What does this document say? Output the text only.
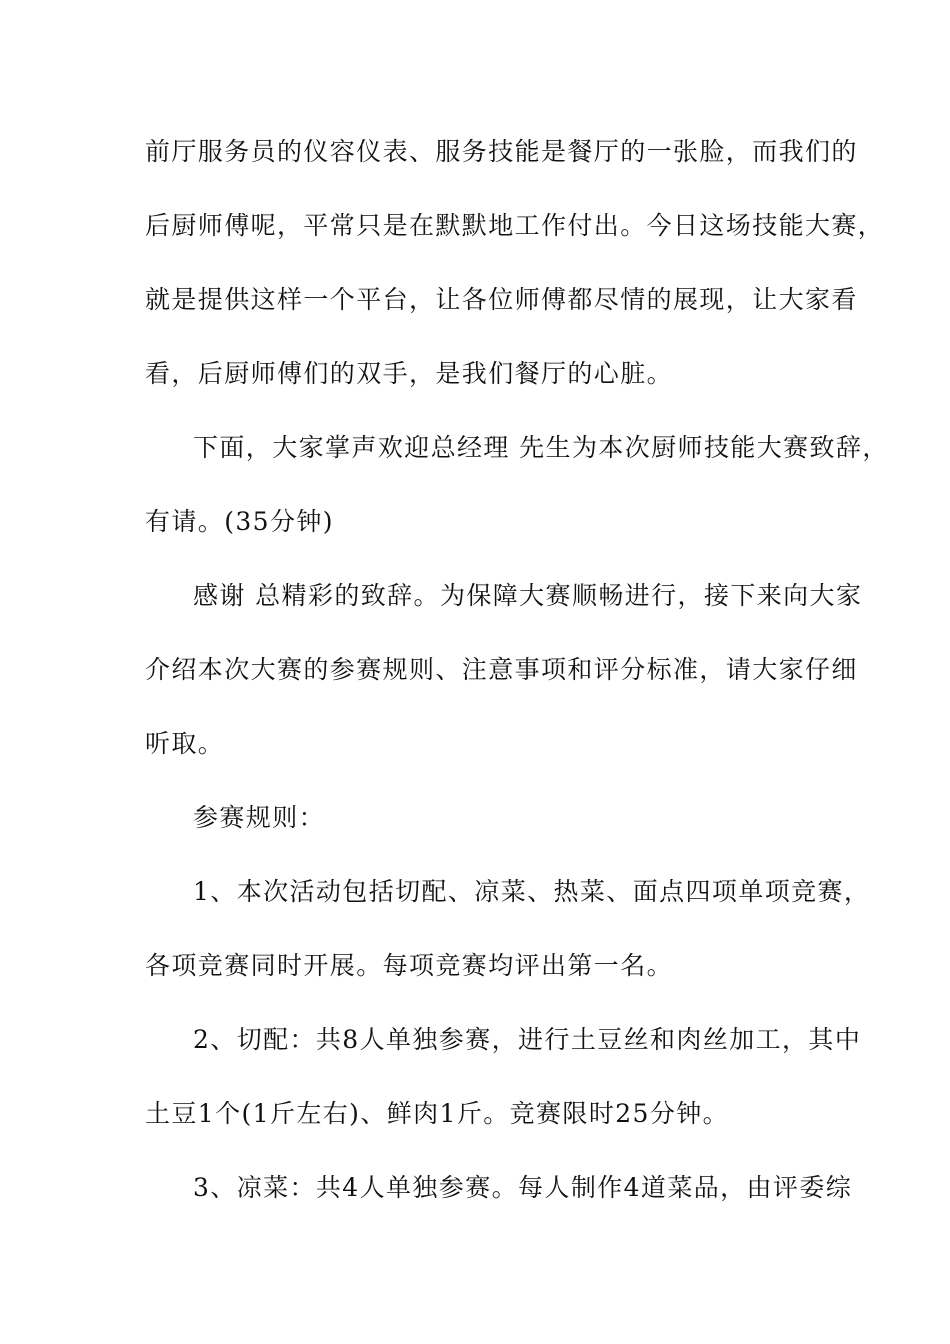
前厅服务员的仪容仪表、服务技能是餐厅的一张脸，而我们的
后厨师傅呢，平常只是在默默地工作付出。今日这场技能大赛，
就是提供这样一个平台，让各位师傅都尽情的展现，让大家看
看，后厨师傅们的双手，是我们餐厅的心脏。
下面，大家掌声欢迎总经理 先生为本次厨师技能大赛致辞，
有请。(35分钟)
感谢 总精彩的致辞。为保障大赛顺畅进行，接下来向大家
介绍本次大赛的参赛规则、注意事项和评分标准，请大家仔细
听取。
参赛规则：
1、本次活动包括切配、凉菜、热菜、面点四项单项竞赛，
各项竞赛同时开展。每项竞赛均评出第一名。
2、切配：共8人单独参赛，进行土豆丝和肉丝加工，其中
土豆1个(1斤左右)、鲜肉1斤。竞赛限时25分钟。
3、凉菜：共4人单独参赛。每人制作4道菜品，由评委综
